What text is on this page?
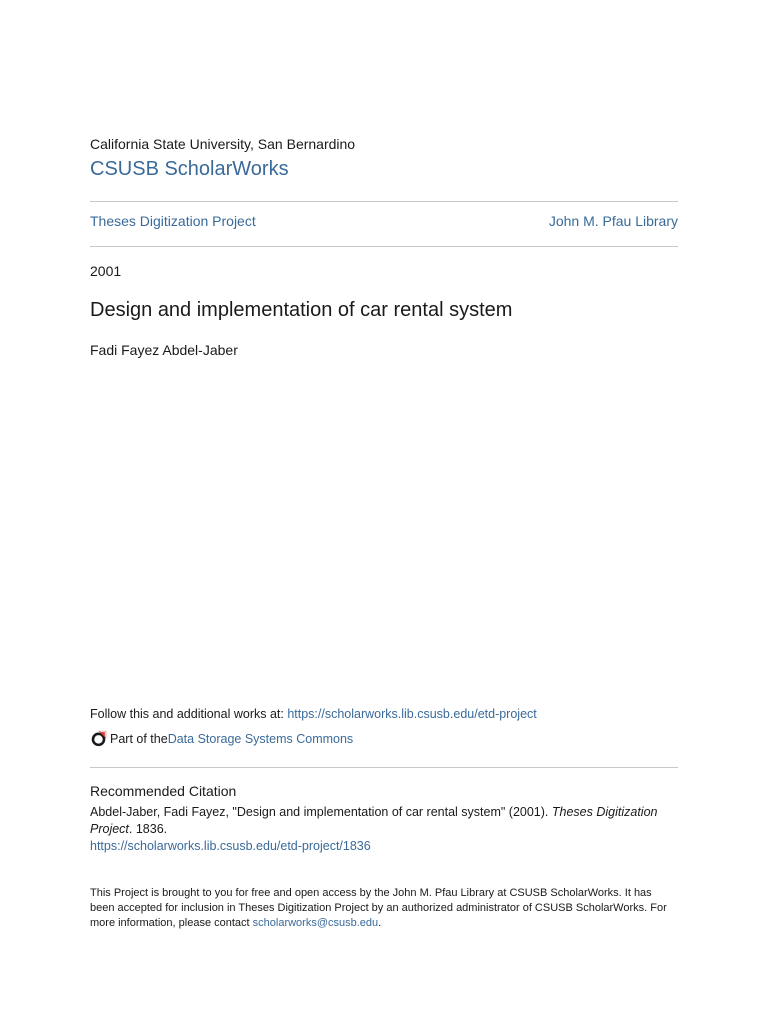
California State University, San Bernardino
CSUSB ScholarWorks
Theses Digitization Project	John M. Pfau Library
2001
Design and implementation of car rental system
Fadi Fayez Abdel-Jaber
Follow this and additional works at: https://scholarworks.lib.csusb.edu/etd-project
Part of the Data Storage Systems Commons
Recommended Citation
Abdel-Jaber, Fadi Fayez, "Design and implementation of car rental system" (2001). Theses Digitization Project. 1836.
https://scholarworks.lib.csusb.edu/etd-project/1836
This Project is brought to you for free and open access by the John M. Pfau Library at CSUSB ScholarWorks. It has been accepted for inclusion in Theses Digitization Project by an authorized administrator of CSUSB ScholarWorks. For more information, please contact scholarworks@csusb.edu.
